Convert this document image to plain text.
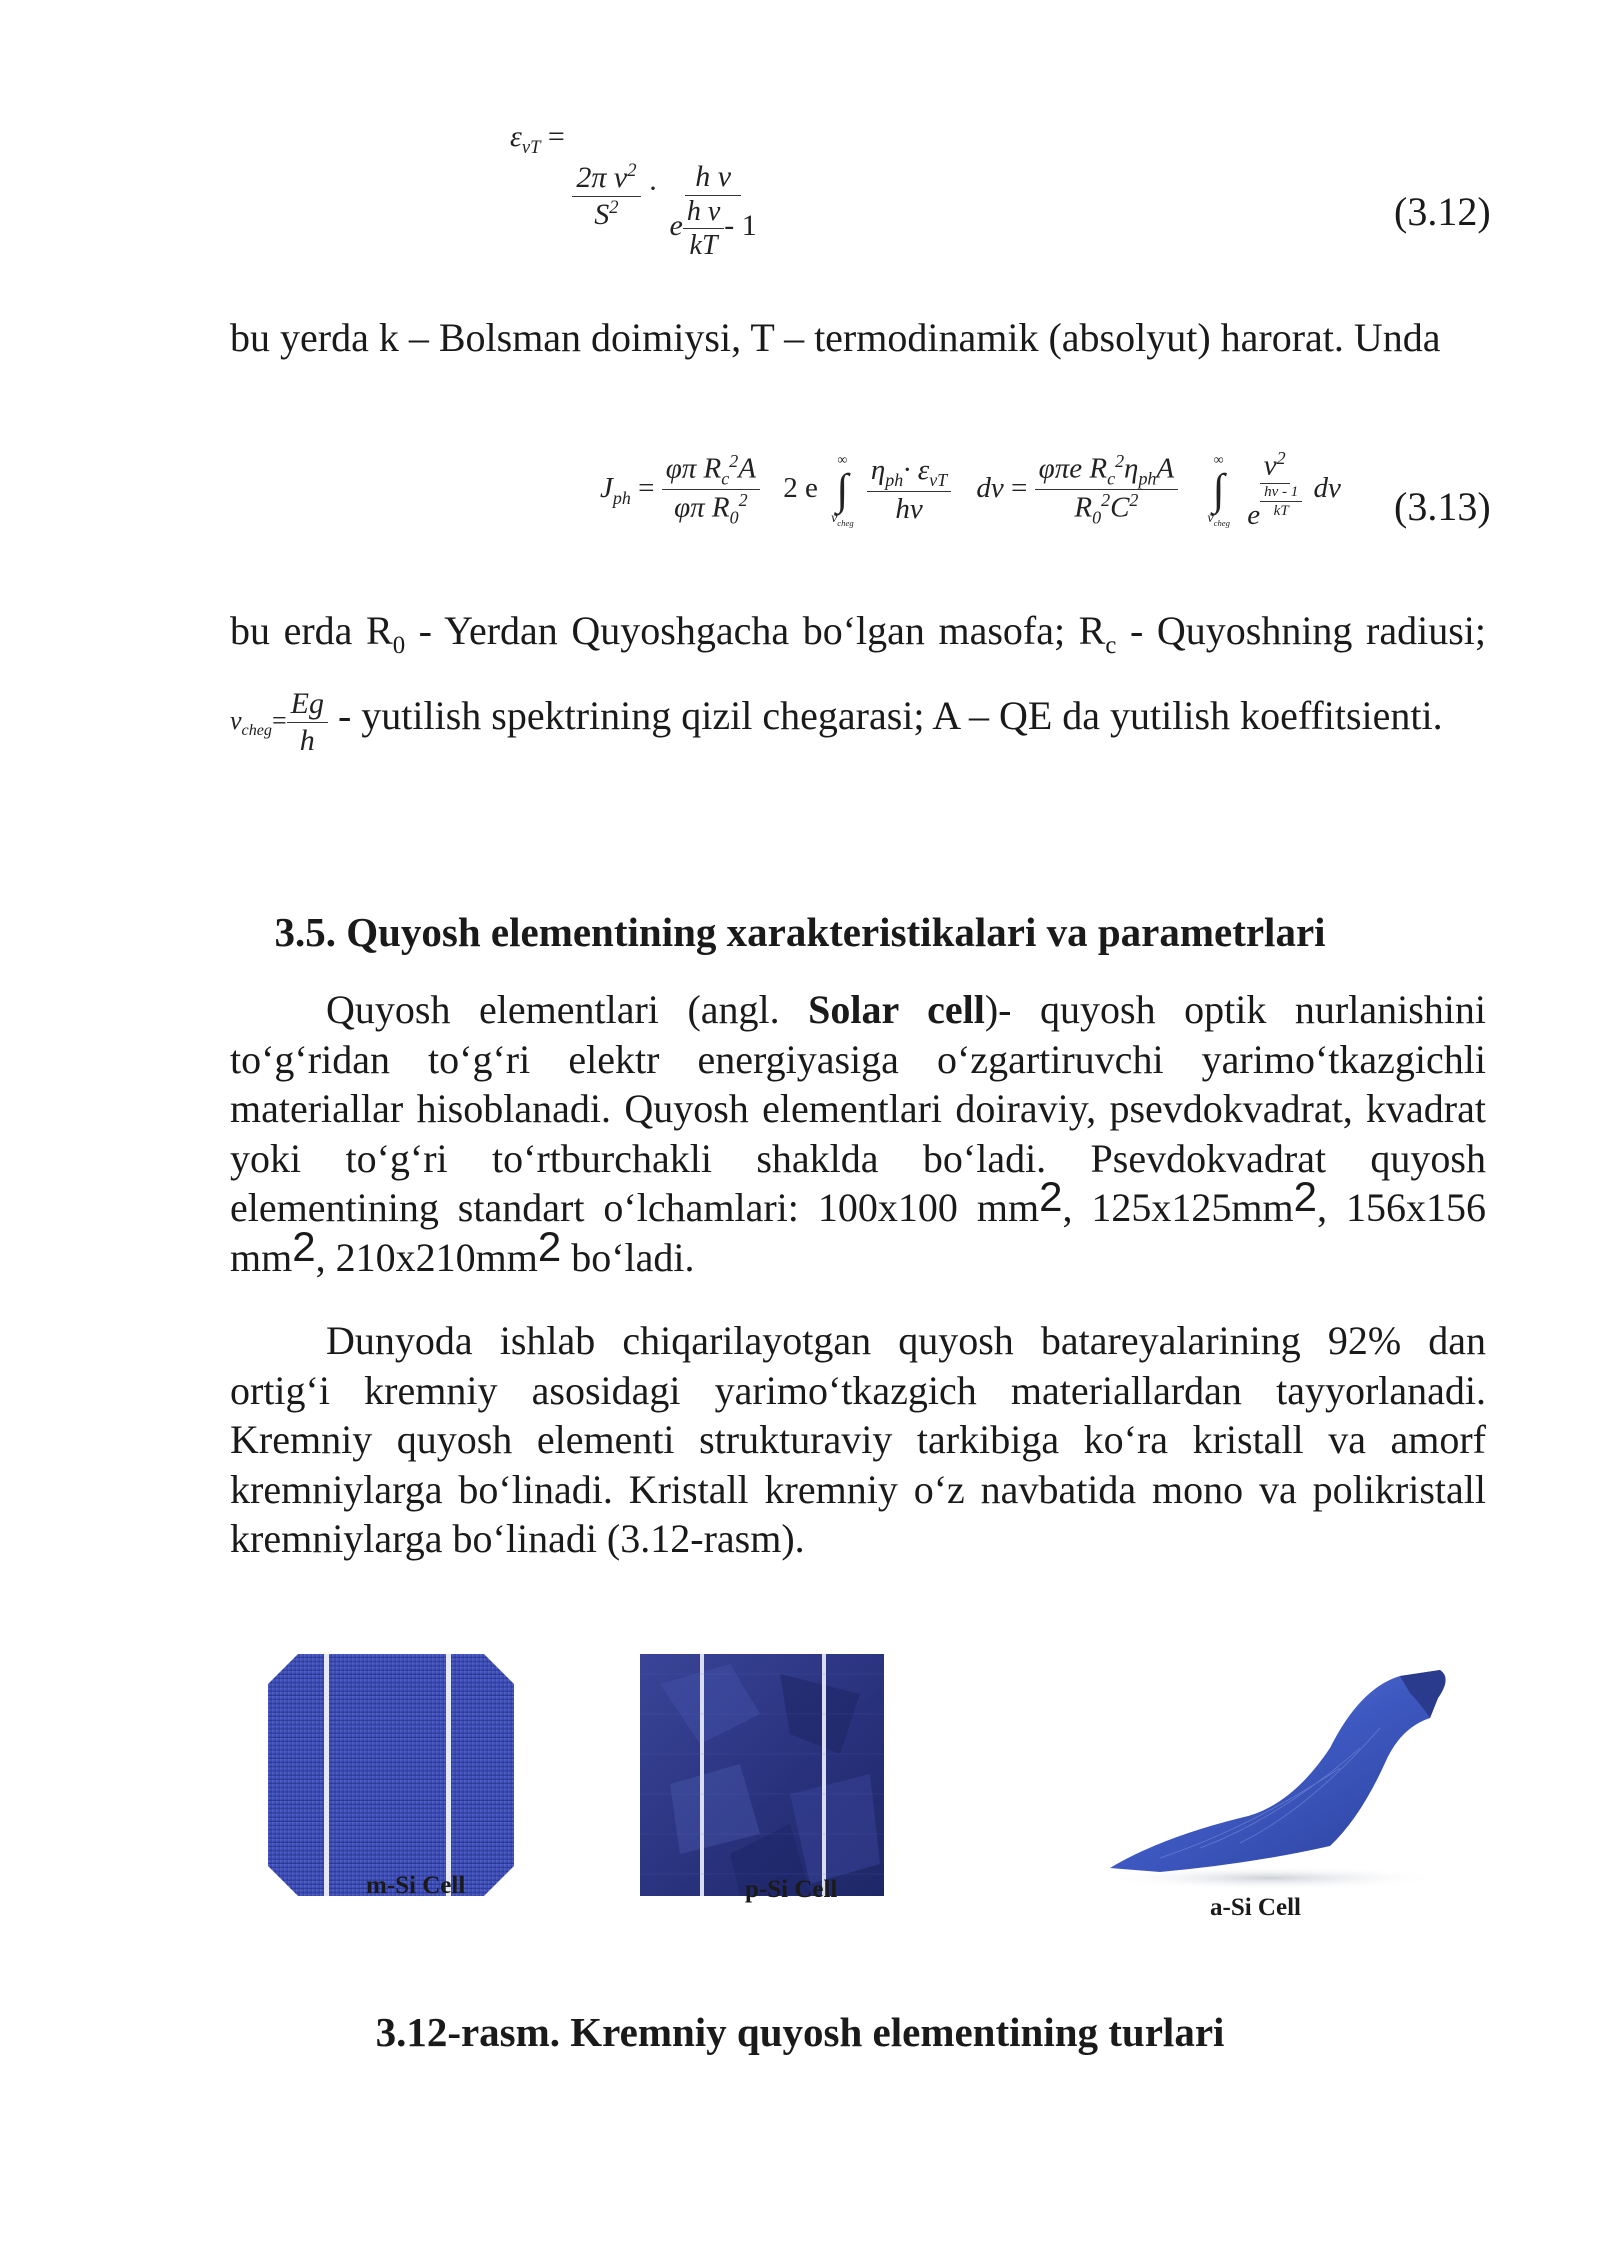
$\varepsilon_{\nu T}$ =
$\frac{2\pi \nu^2}{S^2} \cdot \frac{\text{h ν}}{e \frac{\text{h ν}}{kT} - 1}$	(3.12)

bu yerda k – Bolsman doimiysi, T – termodinamik (absolyut) harorat. Unda

$J_{ph} = \frac{\varphi\pi R_c^2A}{\varphi\pi R_0^2} 2$ e
∞
∫
$\nu_{cheg}$
$\frac{\eta_{ph}\cdot \varepsilon_{\nu T}}{h\nu}$ $d\nu = \frac{\varphi\pi e R_c^2\eta_{ph}A}{R_0^2C^2}$
	∞
∫
$\nu_{cheg}$
$\frac{\nu^2}{e \frac{h\nu - 1}{kT}}$ dν (3.13)

bu erda $R_0$ - Yerdan Quyoshgacha bo‘lgan masofa; $R_c$ - Quyoshning radiusi; $\nu_{cheg}= \frac{Eg}{h}$ - yutilish spektrining qizil chegarasi; A – QE da yutilish koeffitsienti.

3.5. Quyosh elementining xarakteristikalari va parametrlari

Quyosh elementlari (angl. Solar cell)- quyosh optik nurlanishini to‘g‘ridan to‘g‘ri elektr energiyasiga o‘zgartiruvchi yarimo‘tkazgichli materiallar hisoblanadi. Quyosh elementlari doiraviy, psevdokvadrat, kvadrat yoki to‘g‘ri to‘rtburchakli shaklda bo‘ladi. Psevdokvadrat quyosh elementining standart o‘lchamlari: 100x100 mm2, 125x125mm2, 156x156 mm2, 210x210mm2 bo‘ladi.

Dunyoda ishlab chiqarilayotgan quyosh batareyalarining 92% dan ortig‘i kremniy asosidagi yarimo‘tkazgich materiallardan tayyorlanadi. Kremniy quyosh elementi strukturaviy tarkibiga ko‘ra kristall va amorf kremniylarga bo‘linadi. Kristall kremniy o‘z navbatida mono va polikristall kremniylarga bo‘linadi (3.12-rasm).

m-Si Cell	p-Si Cell
a-Si Cell

3.12-rasm. Kremniy quyosh elementining turlari
